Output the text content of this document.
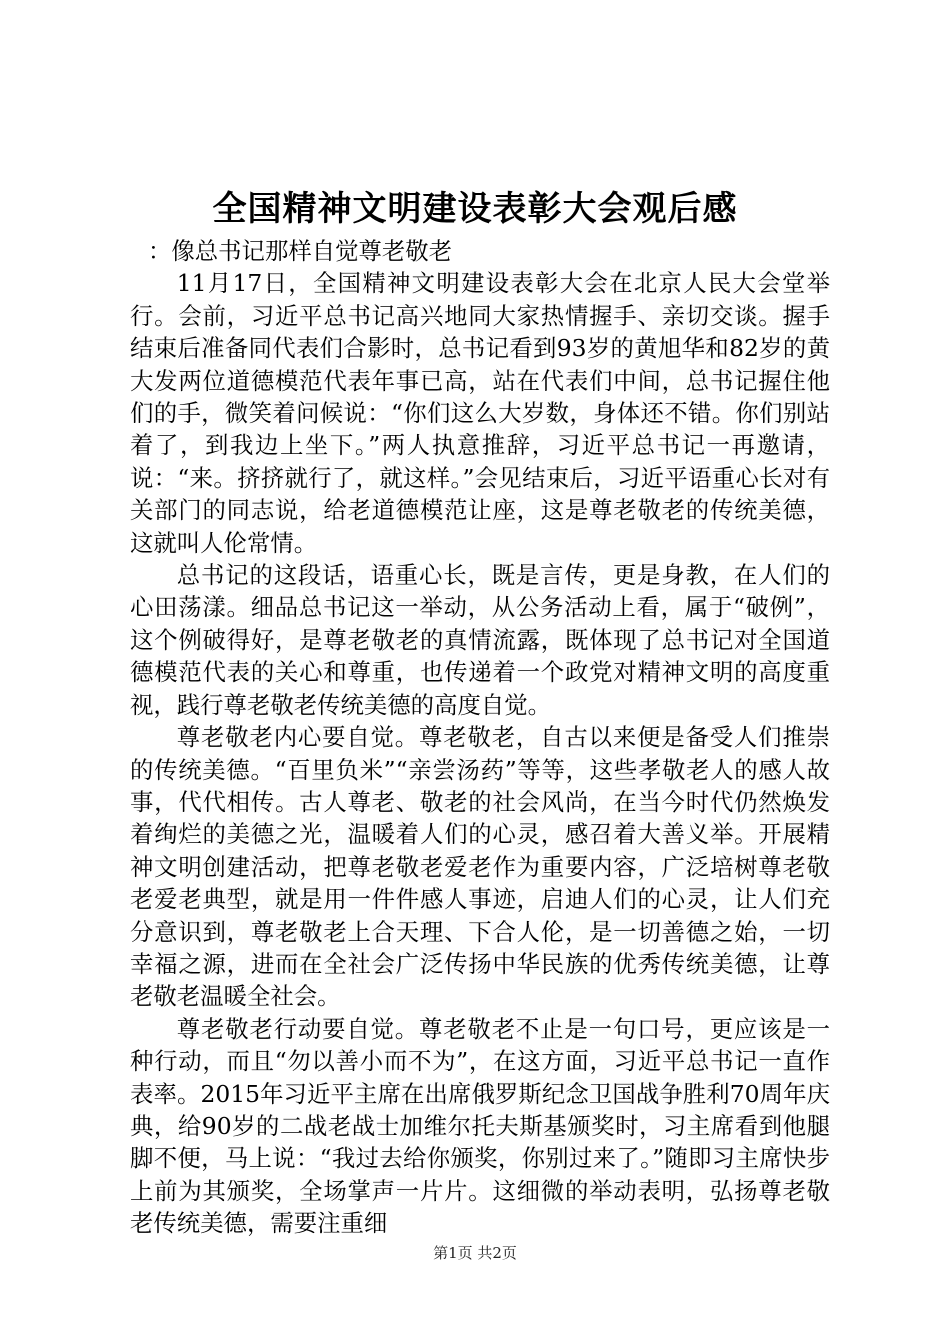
全国精神文明建设表彰大会观后感

：像总书记那样自觉尊老敬老

11月17日，全国精神文明建设表彰大会在北京人民大会堂举行。会前，习近平总书记高兴地同大家热情握手、亲切交谈。握手结束后准备同代表们合影时，总书记看到93岁的黄旭华和82岁的黄大发两位道德模范代表年事已高，站在代表们中间，总书记握住他们的手，微笑着问候说：“你们这么大岁数，身体还不错。你们别站着了，到我边上坐下。”两人执意推辞，习近平总书记一再邀请，说：“来。挤挤就行了，就这样。”会见结束后，习近平语重心长对有关部门的同志说，给老道德模范让座，这是尊老敬老的传统美德，这就叫人伦常情。

总书记的这段话，语重心长，既是言传，更是身教，在人们的心田荡漾。细品总书记这一举动，从公务活动上看，属于“破例”，这个例破得好，是尊老敬老的真情流露，既体现了总书记对全国道德模范代表的关心和尊重，也传递着一个政党对精神文明的高度重视，践行尊老敬老传统美德的高度自觉。

尊老敬老内心要自觉。尊老敬老，自古以来便是备受人们推崇的传统美德。“百里负米”“亲尝汤药”等等，这些孝敬老人的感人故事，代代相传。古人尊老、敬老的社会风尚，在当今时代仍然焕发着绚烂的美德之光，温暖着人们的心灵，感召着大善义举。开展精神文明创建活动，把尊老敬老爱老作为重要内容，广泛培树尊老敬老爱老典型，就是用一件件感人事迹，启迪人们的心灵，让人们充分意识到，尊老敬老上合天理、下合人伦，是一切善德之始，一切幸福之源，进而在全社会广泛传扬中华民族的优秀传统美德，让尊老敬老温暖全社会。

尊老敬老行动要自觉。尊老敬老不止是一句口号，更应该是一种行动，而且“勿以善小而不为”，在这方面，习近平总书记一直作表率。2015年习近平主席在出席俄罗斯纪念卫国战争胜利70周年庆典，给90岁的二战老战士加维尔托夫斯基颁奖时，习主席看到他腿脚不便，马上说：“我过去给你颁奖，你别过来了。”随即习主席快步上前为其颁奖，全场掌声一片片。这细微的举动表明，弘扬尊老敬老传统美德，需要注重细

第1页 共2页
